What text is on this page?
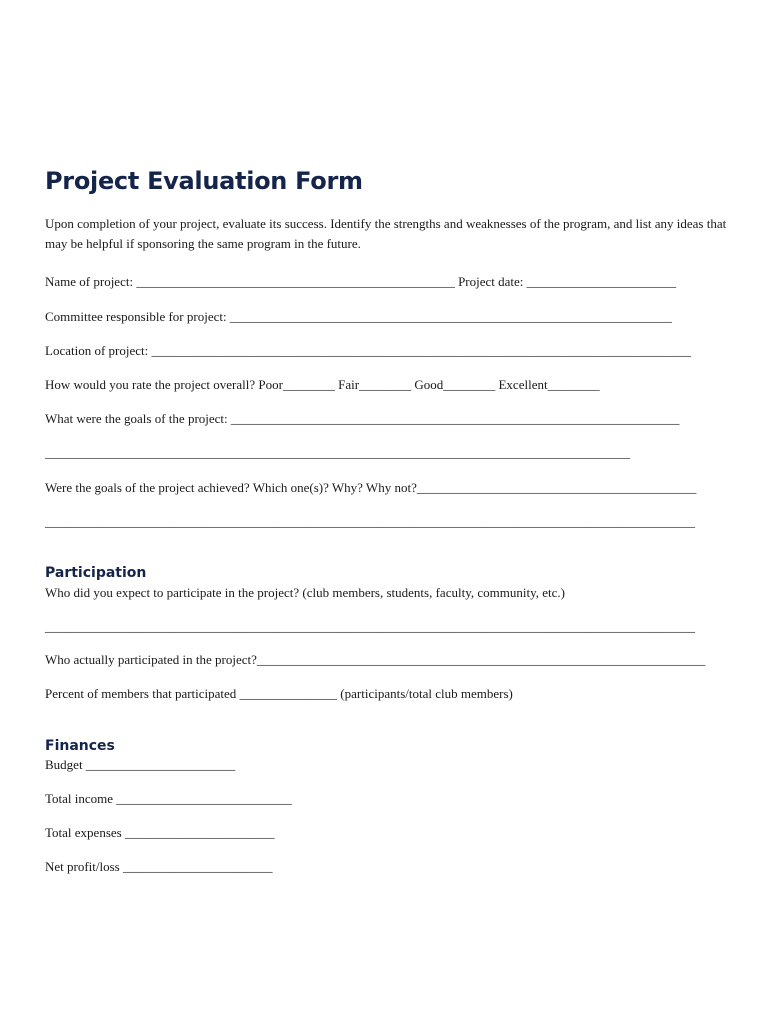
Project Evaluation Form

Upon completion of your project, evaluate its success. Identify the strengths and weaknesses of the program, and list any ideas that may be helpful if sponsoring the same program in the future.

Name of project: _________________________________________________ Project date: _______________________

Committee responsible for project: ____________________________________________________________________

Location of project: ___________________________________________________________________________________

How would you rate the project overall? Poor________ Fair________ Good________ Excellent________

What were the goals of the project: _____________________________________________________________________

__________________________________________________________________________________________

Were the goals of the project achieved? Which one(s)? Why? Why not?___________________________________________

____________________________________________________________________________________________________

Participation

Who did you expect to participate in the project? (club members, students, faculty, community, etc.)

____________________________________________________________________________________________________

Who actually participated in the project?_____________________________________________________________________

Percent of members that participated _______________ (participants/total club members)

Finances

Budget _______________________

Total income ___________________________

Total expenses _______________________

Net profit/loss _______________________
